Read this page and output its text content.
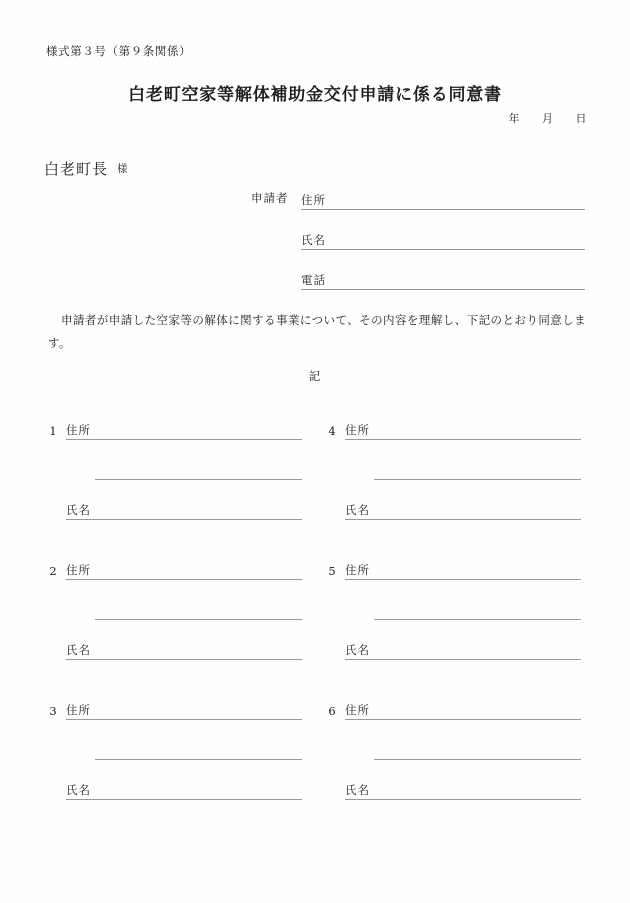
様式第３号（第９条関係）
白老町空家等解体補助金交付申請に係る同意書
年 月 日
白老町長 様
申請者 住所
氏名
電話
申請者が申請した空家等の解体に関する事業について、その内容を理解し、下記のとおり同意します。
記
1 住所
氏名
2 住所
氏名
3 住所
氏名
4 住所
氏名
5 住所
氏名
6 住所
氏名
